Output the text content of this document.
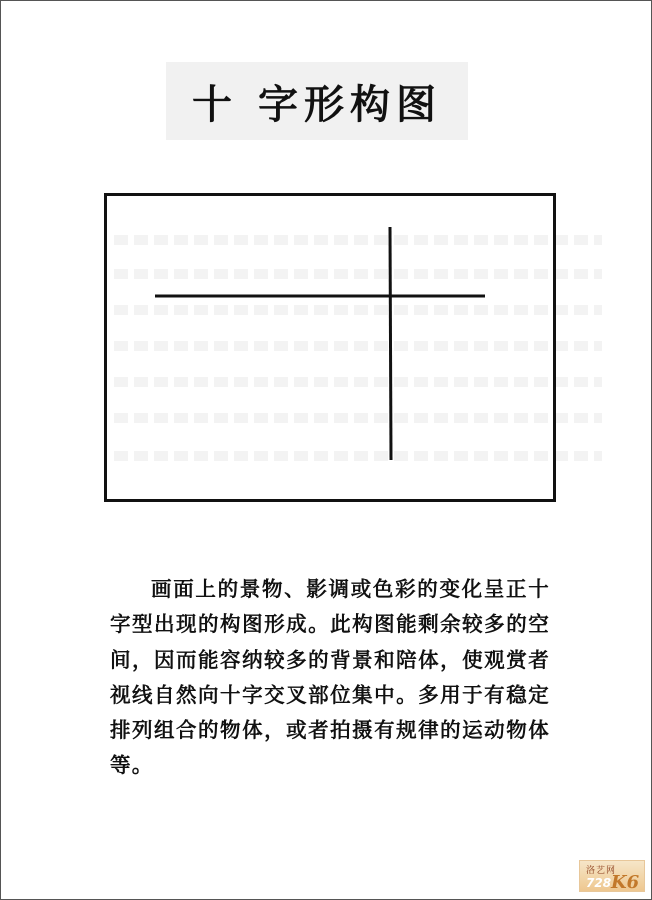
十 字形构图

画面上的景物、影调或色彩的变化呈正十字型出现的构图形成。此构图能剩余较多的空间，因而能容纳较多的背景和陪体，使观赏者视线自然向十字交叉部位集中。多用于有稳定排列组合的物体，或者拍摄有规律的运动物体等。

洛艺网
728 K6
